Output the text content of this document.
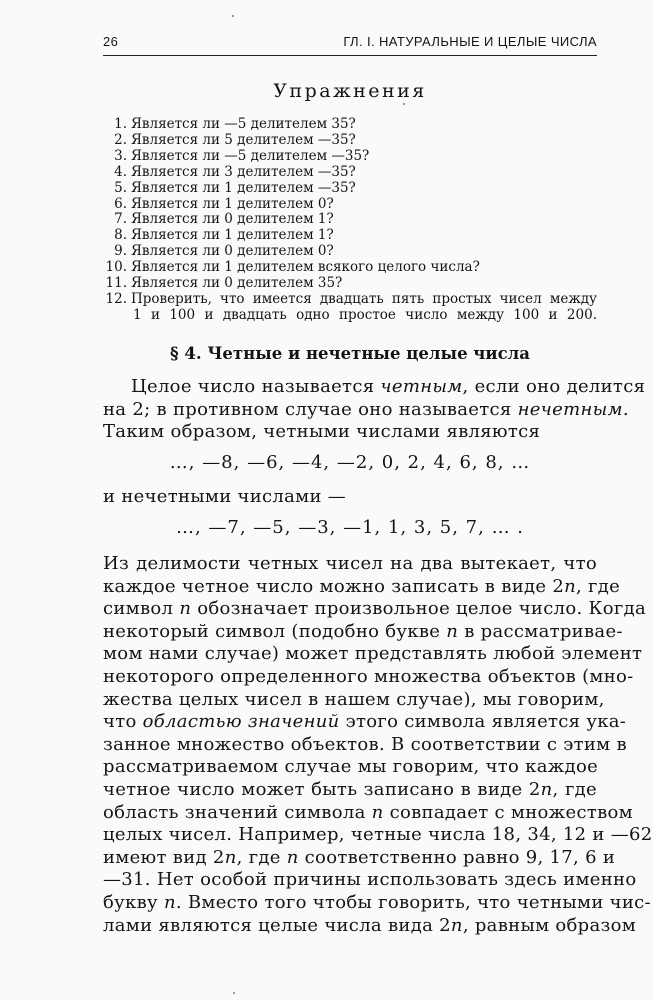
26	ГЛ. I. НАТУРАЛЬНЫЕ И ЦЕЛЫЕ ЧИСЛА
Упражнения
1. Является ли —5 делителем 35?
2. Является ли 5 делителем —35?
3. Является ли —5 делителем —35?
4. Является ли 3 делителем —35?
5. Является ли 1 делителем —35?
6. Является ли 1 делителем 0?
7. Является ли 0 делителем 1?
8. Является ли 1 делителем 1?
9. Является ли 0 делителем 0?
10. Является ли 1 делителем всякого целого числа?
11. Является ли 0 делителем 35?
12. Проверить, что имеется двадцать пять простых чисел между
1 и 100 и двадцать одно простое число между 100 и 200.
§ 4. Четные и нечетные целые числа
Целое число называется четным, если оно делится
на 2; в противном случае оно называется нечетным.
Таким образом, четными числами являются
…, —8, —6, —4, —2, 0, 2, 4, 6, 8, …
и нечетными числами —
…, —7, —5, —3, —1, 1, 3, 5, 7, … .
Из делимости четных чисел на два вытекает, что
каждое четное число можно записать в виде 2n, где
символ n обозначает произвольное целое число. Когда
некоторый символ (подобно букве n в рассматривае-
мом нами случае) может представлять любой элемент
некоторого определенного множества объектов (мно-
жества целых чисел в нашем случае), мы говорим,
что областью значений этого символа является ука-
занное множество объектов. В соответствии с этим в
рассматриваемом случае мы говорим, что каждое
четное число может быть записано в виде 2n, где
область значений символа n совпадает с множеством
целых чисел. Например, четные числа 18, 34, 12 и —62
имеют вид 2n, где n соответственно равно 9, 17, 6 и
—31. Нет особой причины использовать здесь именно
букву n. Вместо того чтобы говорить, что четными чис-
лами являются целые числа вида 2n, равным образом
